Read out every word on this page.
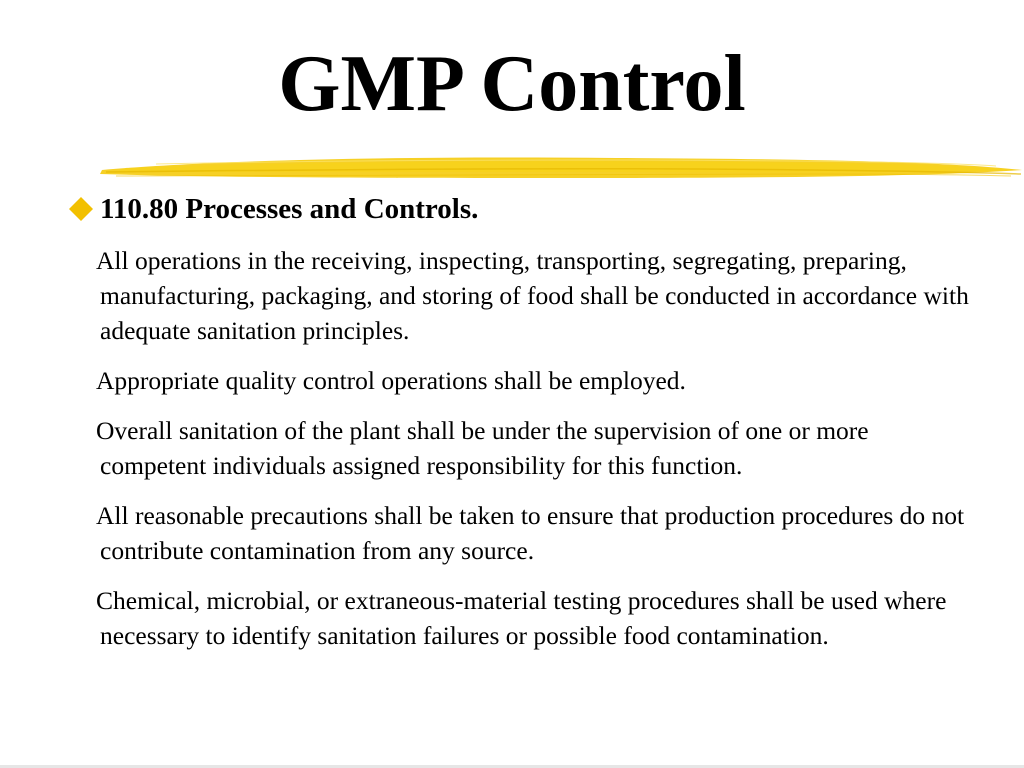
GMP Control
110.80 Processes and Controls.

All operations in the receiving, inspecting, transporting, segregating, preparing, manufacturing, packaging, and storing of food shall be conducted in accordance with adequate sanitation principles.

Appropriate quality control operations shall be employed.

Overall sanitation of the plant shall be under the supervision of one or more competent individuals assigned responsibility for this function.

All reasonable precautions shall be taken to ensure that production procedures do not contribute contamination from any source.

Chemical, microbial, or extraneous-material testing procedures shall be used where necessary to identify sanitation failures or possible food contamination.
